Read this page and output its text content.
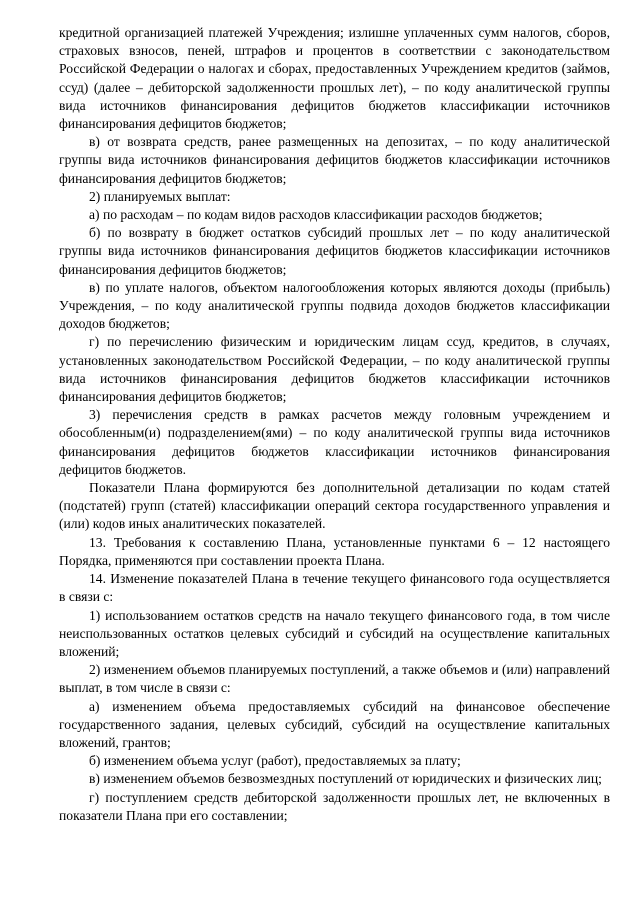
кредитной организацией платежей Учреждения; излишне уплаченных сумм налогов, сборов, страховых взносов, пеней, штрафов и процентов в соответствии с законодательством Российской Федерации о налогах и сборах, предоставленных Учреждением кредитов (займов, ссуд) (далее – дебиторской задолженности прошлых лет), – по коду аналитической группы вида источников финансирования дефицитов бюджетов классификации источников финансирования дефицитов бюджетов;

в) от возврата средств, ранее размещенных на депозитах, – по коду аналитической группы вида источников финансирования дефицитов бюджетов классификации источников финансирования дефицитов бюджетов;

2) планируемых выплат:

а) по расходам – по кодам видов расходов классификации расходов бюджетов;

б) по возврату в бюджет остатков субсидий прошлых лет – по коду аналитической группы вида источников финансирования дефицитов бюджетов классификации источников финансирования дефицитов бюджетов;

в) по уплате налогов, объектом налогообложения которых являются доходы (прибыль) Учреждения, – по коду аналитической группы подвида доходов бюджетов классификации доходов бюджетов;

г) по перечислению физическим и юридическим лицам ссуд, кредитов, в случаях, установленных законодательством Российской Федерации, – по коду аналитической группы вида источников финансирования дефицитов бюджетов классификации источников финансирования дефицитов бюджетов;

3) перечисления средств в рамках расчетов между головным учреждением и обособленным(и) подразделением(ями) – по коду аналитической группы вида источников финансирования дефицитов бюджетов классификации источников финансирования дефицитов бюджетов.

Показатели Плана формируются без дополнительной детализации по кодам статей (подстатей) групп (статей) классификации операций сектора государственного управления и (или) кодов иных аналитических показателей.

13. Требования к составлению Плана, установленные пунктами 6 – 12 настоящего Порядка, применяются при составлении проекта Плана.

14. Изменение показателей Плана в течение текущего финансового года осуществляется в связи с:

1) использованием остатков средств на начало текущего финансового года, в том числе неиспользованных остатков целевых субсидий и субсидий на осуществление капитальных вложений;

2) изменением объемов планируемых поступлений, а также объемов и (или) направлений выплат, в том числе в связи с:

а) изменением объема предоставляемых субсидий на финансовое обеспечение государственного задания, целевых субсидий, субсидий на осуществление капитальных вложений, грантов;

б) изменением объема услуг (работ), предоставляемых за плату;

в) изменением объемов безвозмездных поступлений от юридических и физических лиц;

г) поступлением средств дебиторской задолженности прошлых лет, не включенных в показатели Плана при его составлении;
